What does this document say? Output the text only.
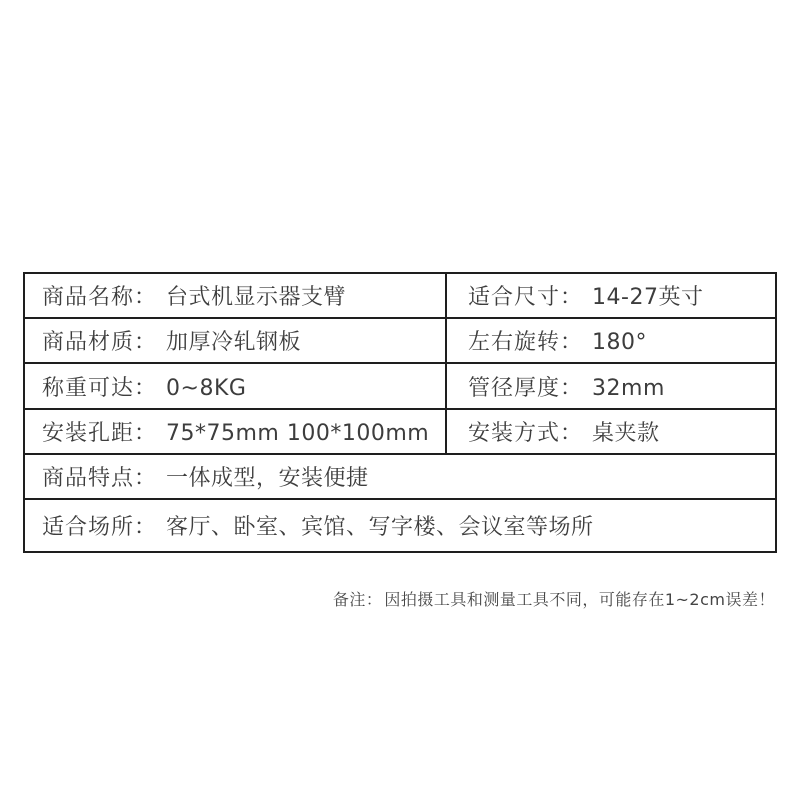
商品名称： 台式机显示器支臂	适合尺寸： 14-27英寸
商品材质： 加厚冷轧钢板	左右旋转： 180°
称重可达： 0~8KG	管径厚度： 32mm
安装孔距： 75*75mm 100*100mm	安装方式： 桌夹款
商品特点： 一体成型，安装便捷	
适合场所： 客厅、卧室、宾馆、写字楼、会议室等场所	
备注： 因拍摄工具和测量工具不同，可能存在1~2cm误差！
